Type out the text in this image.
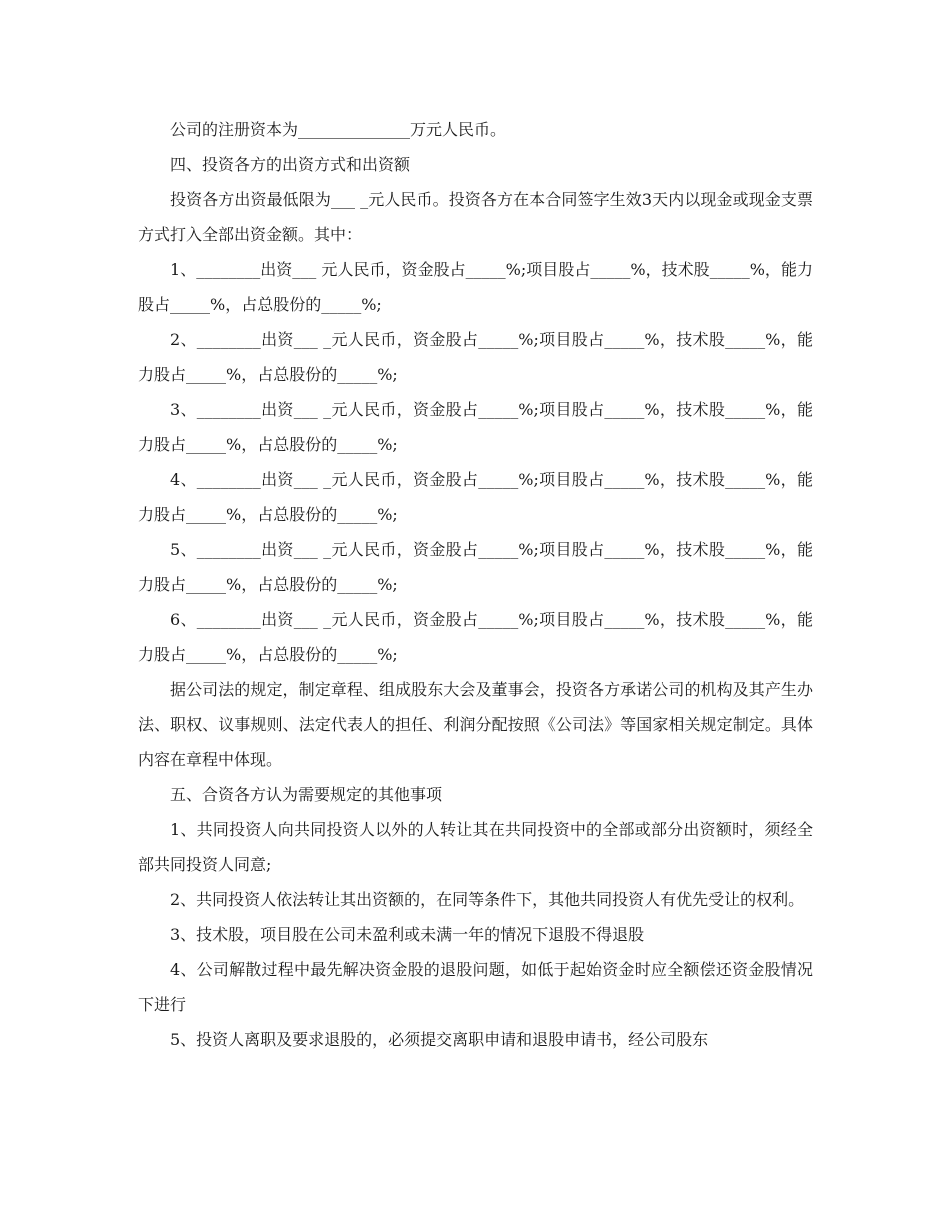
公司的注册资本为______________万元人民币。

四、投资各方的出资方式和出资额

投资各方出资最低限为___ _元人民币。投资各方在本合同签字生效3天内以现金或现金支票方式打入全部出资金额。其中：

1、________出资___ 元人民币，资金股占_____%;项目股占_____%，技术股_____%，能力股占_____%，占总股份的_____%;

2、________出资___ _元人民币，资金股占_____%;项目股占_____%，技术股_____%，能力股占_____%，占总股份的_____%;

3、________出资___ _元人民币，资金股占_____%;项目股占_____%，技术股_____%，能力股占_____%，占总股份的_____%;

4、________出资___ _元人民币，资金股占_____%;项目股占_____%，技术股_____%，能力股占_____%，占总股份的_____%;

5、________出资___ _元人民币，资金股占_____%;项目股占_____%，技术股_____%，能力股占_____%，占总股份的_____%;

6、________出资___ _元人民币，资金股占_____%;项目股占_____%，技术股_____%，能力股占_____%，占总股份的_____%;

据公司法的规定，制定章程、组成股东大会及董事会，投资各方承诺公司的机构及其产生办法、职权、议事规则、法定代表人的担任、利润分配按照《公司法》等国家相关规定制定。具体内容在章程中体现。

五、合资各方认为需要规定的其他事项

1、共同投资人向共同投资人以外的人转让其在共同投资中的全部或部分出资额时，须经全部共同投资人同意;

2、共同投资人依法转让其出资额的，在同等条件下，其他共同投资人有优先受让的权利。

3、技术股，项目股在公司未盈利或未满一年的情况下退股不得退股

4、公司解散过程中最先解决资金股的退股问题，如低于起始资金时应全额偿还资金股情况下进行

5、投资人离职及要求退股的，必须提交离职申请和退股申请书，经公司股东
